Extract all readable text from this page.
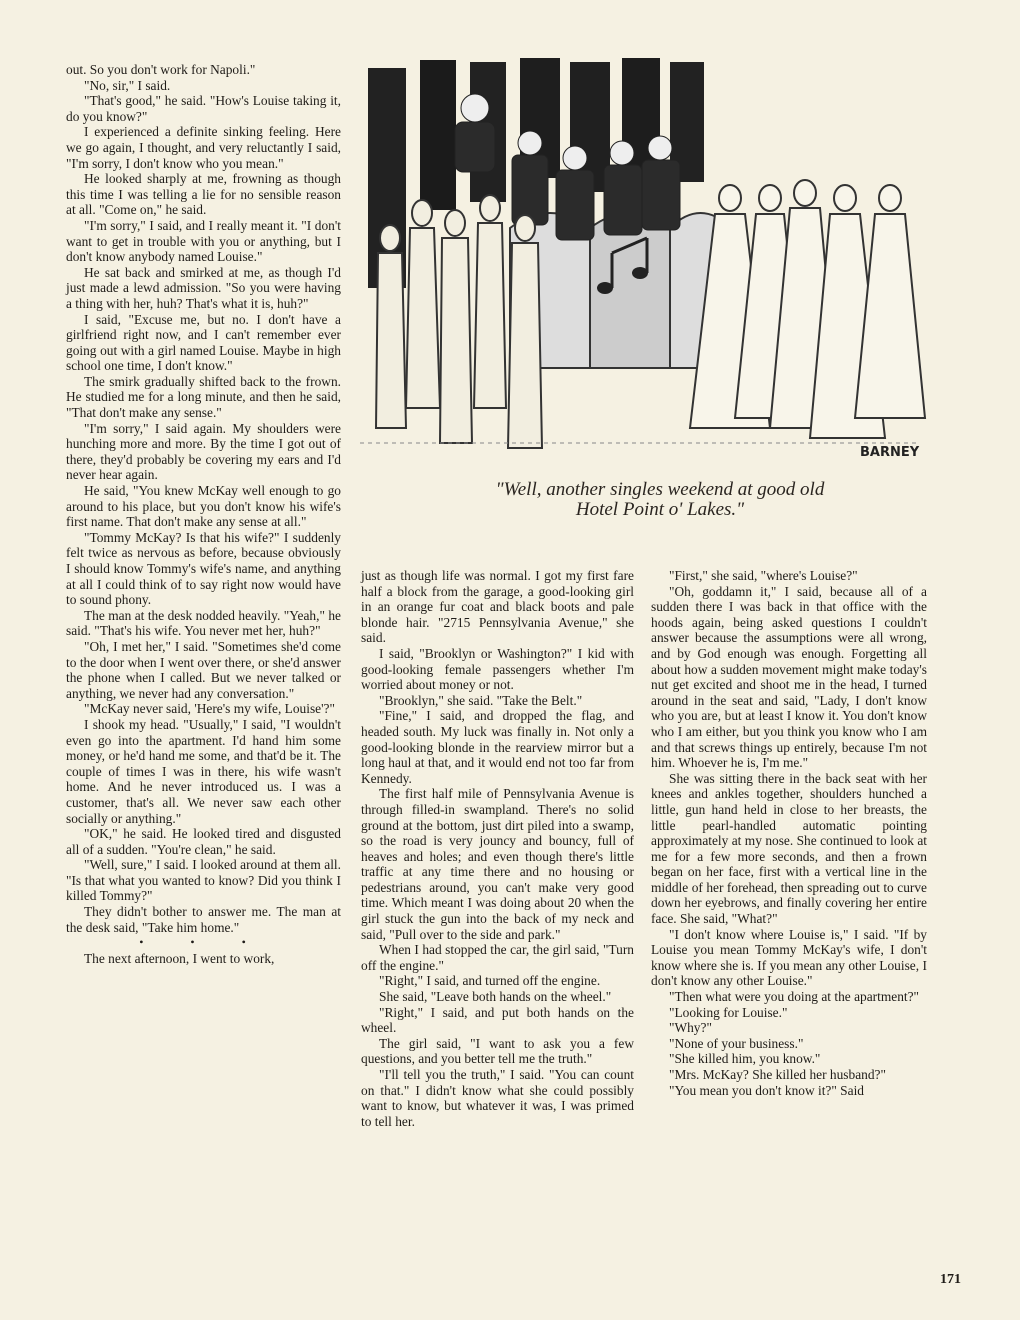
out. So you don't work for Napoli."

"No, sir," I said.

"That's good," he said. "How's Louise taking it, do you know?"

I experienced a definite sinking feeling. Here we go again, I thought, and very reluctantly I said, "I'm sorry, I don't know who you mean."

He looked sharply at me, frowning as though this time I was telling a lie for no sensible reason at all. "Come on," he said.

"I'm sorry," I said, and I really meant it. "I don't want to get in trouble with you or anything, but I don't know anybody named Louise."

He sat back and smirked at me, as though I'd just made a lewd admission. "So you were having a thing with her, huh? That's what it is, huh?"

I said, "Excuse me, but no. I don't have a girlfriend right now, and I can't remember ever going out with a girl named Louise. Maybe in high school one time, I don't know."

The smirk gradually shifted back to the frown. He studied me for a long minute, and then he said, "That don't make any sense."

"I'm sorry," I said again. My shoulders were hunching more and more. By the time I got out of there, they'd probably be covering my ears and I'd never hear again.

He said, "You knew McKay well enough to go around to his place, but you don't know his wife's first name. That don't make any sense at all."

"Tommy McKay? Is that his wife?" I suddenly felt twice as nervous as before, because obviously I should know Tommy's wife's name, and anything at all I could think of to say right now would have to sound phony.

The man at the desk nodded heavily. "Yeah," he said. "That's his wife. You never met her, huh?"

"Oh, I met her," I said. "Sometimes she'd come to the door when I went over there, or she'd answer the phone when I called. But we never talked or anything, we never had any conversation."

"McKay never said, 'Here's my wife, Louise'?"

I shook my head. "Usually," I said, "I wouldn't even go into the apartment. I'd hand him some money, or he'd hand me some, and that'd be it. The couple of times I was in there, his wife wasn't home. And he never introduced us. I was a customer, that's all. We never saw each other socially or anything."

"OK," he said. He looked tired and disgusted all of a sudden. "You're clean," he said.

"Well, sure," I said. I looked around at them all. "Is that what you wanted to know? Did you think I killed Tommy?"

They didn't bother to answer me. The man at the desk said, "Take him home."

• • •

The next afternoon, I went to work,

BARNEY
"Well, another singles weekend at good old
Hotel Point o' Lakes."

just as though life was normal. I got my first fare half a block from the garage, a good-looking girl in an orange fur coat and black boots and pale blonde hair. "2715 Pennsylvania Avenue," she said.

I said, "Brooklyn or Washington?" I kid with good-looking female passengers whether I'm worried about money or not.

"Brooklyn," she said. "Take the Belt."

"Fine," I said, and dropped the flag, and headed south. My luck was finally in. Not only a good-looking blonde in the rearview mirror but a long haul at that, and it would end not too far from Kennedy.

The first half mile of Pennsylvania Avenue is through filled-in swampland. There's no solid ground at the bottom, just dirt piled into a swamp, so the road is very jouncy and bouncy, full of heaves and holes; and even though there's little traffic at any time there and no housing or pedestrians around, you can't make very good time. Which meant I was doing about 20 when the girl stuck the gun into the back of my neck and said, "Pull over to the side and park."

When I had stopped the car, the girl said, "Turn off the engine."

"Right," I said, and turned off the engine.

She said, "Leave both hands on the wheel."

"Right," I said, and put both hands on the wheel.

The girl said, "I want to ask you a few questions, and you better tell me the truth."

"I'll tell you the truth," I said. "You can count on that." I didn't know what she could possibly want to know, but whatever it was, I was primed to tell her.

"First," she said, "where's Louise?"

"Oh, goddamn it," I said, because all of a sudden there I was back in that office with the hoods again, being asked questions I couldn't answer because the assumptions were all wrong, and by God enough was enough. Forgetting all about how a sudden movement might make today's nut get excited and shoot me in the head, I turned around in the seat and said, "Lady, I don't know who you are, but at least I know it. You don't know who I am either, but you think you know who I am and that screws things up entirely, because I'm not him. Whoever he is, I'm me."

She was sitting there in the back seat with her knees and ankles together, shoulders hunched a little, gun hand held in close to her breasts, the little pearl-handled automatic pointing approximately at my nose. She continued to look at me for a few more seconds, and then a frown began on her face, first with a vertical line in the middle of her forehead, then spreading out to curve down her eyebrows, and finally covering her entire face. She said, "What?"

"I don't know where Louise is," I said. "If by Louise you mean Tommy McKay's wife, I don't know where she is. If you mean any other Louise, I don't know any other Louise."

"Then what were you doing at the apartment?"

"Looking for Louise."

"Why?"

"None of your business."

"She killed him, you know."

"Mrs. McKay? She killed her husband?"

"You mean you don't know it?" Said

171
